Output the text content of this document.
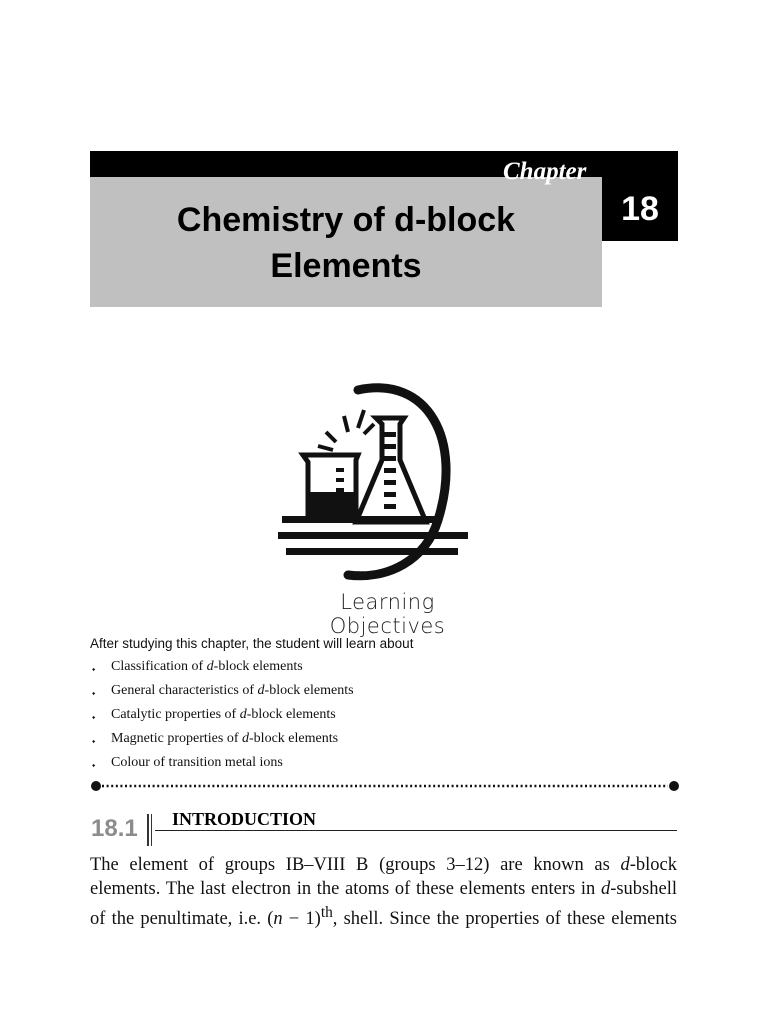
Chemistry of d-block
Elements
Chapter
18
Learning Objectives
After studying this chapter, the student will learn about
⬩ Classification of d-block elements
⬩ General characteristics of d-block elements
⬩ Catalytic properties of d-block elements
⬩ Magnetic properties of d-block elements
⬩ Colour of transition metal ions
18.1 INTRODUCTION

The element of groups IB–VIII B (groups 3–12) are known as d-block elements. The last electron in the atoms of these elements enters in d-subshell of the penultimate, i.e. $(n - 1)^{th}$, shell. Since the properties of these elements
